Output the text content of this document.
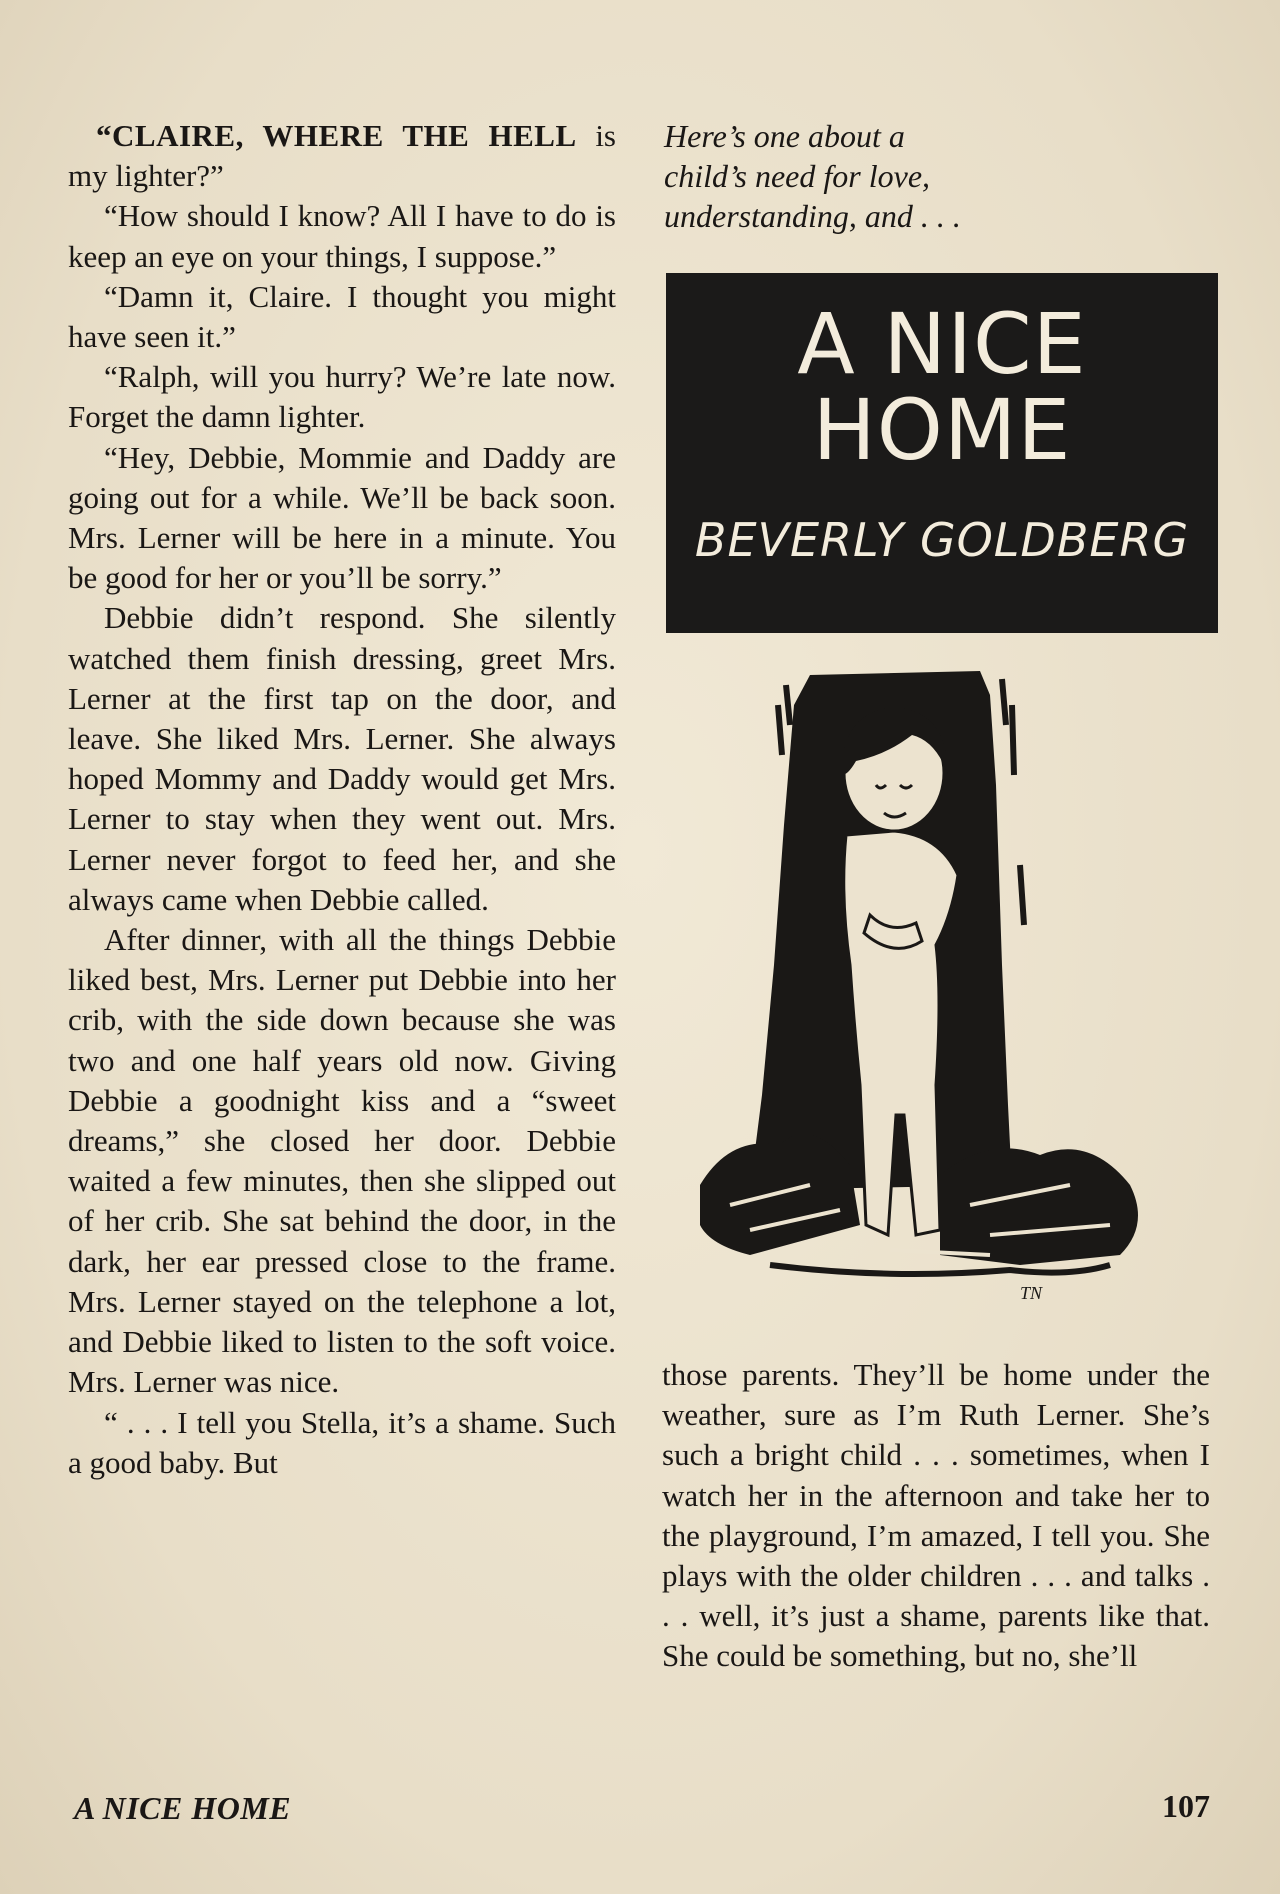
“CLAIRE, WHERE THE HELL is my lighter?”

“How should I know? All I have to do is keep an eye on your things, I suppose.”

“Damn it, Claire. I thought you might have seen it.”

“Ralph, will you hurry? We’re late now. Forget the damn lighter.

“Hey, Debbie, Mommie and Daddy are going out for a while. We’ll be back soon. Mrs. Lerner will be here in a minute. You be good for her or you’ll be sorry.”

Debbie didn’t respond. She silently watched them finish dressing, greet Mrs. Lerner at the first tap on the door, and leave. She liked Mrs. Lerner. She always hoped Mommy and Daddy would get Mrs. Lerner to stay when they went out. Mrs. Lerner never forgot to feed her, and she always came when Debbie called.

After dinner, with all the things Debbie liked best, Mrs. Lerner put Debbie into her crib, with the side down because she was two and one half years old now. Giving Debbie a goodnight kiss and a “sweet dreams,” she closed her door. Debbie waited a few minutes, then she slipped out of her crib. She sat behind the door, in the dark, her ear pressed close to the frame. Mrs. Lerner stayed on the telephone a lot, and Debbie liked to listen to the soft voice. Mrs. Lerner was nice.

“ . . . I tell you Stella, it’s a shame. Such a good baby. But

Here’s one about a
child’s need for love,
understanding, and . . .
A NICE
HOME
BEVERLY GOLDBERG
TN

those parents. They’ll be home under the weather, sure as I’m Ruth Lerner. She’s such a bright child . . . sometimes, when I watch her in the afternoon and take her to the playground, I’m amazed, I tell you. She plays with the older children . . . and talks . . . well, it’s just a shame, parents like that. She could be something, but no, she’ll

A NICE HOME	107
